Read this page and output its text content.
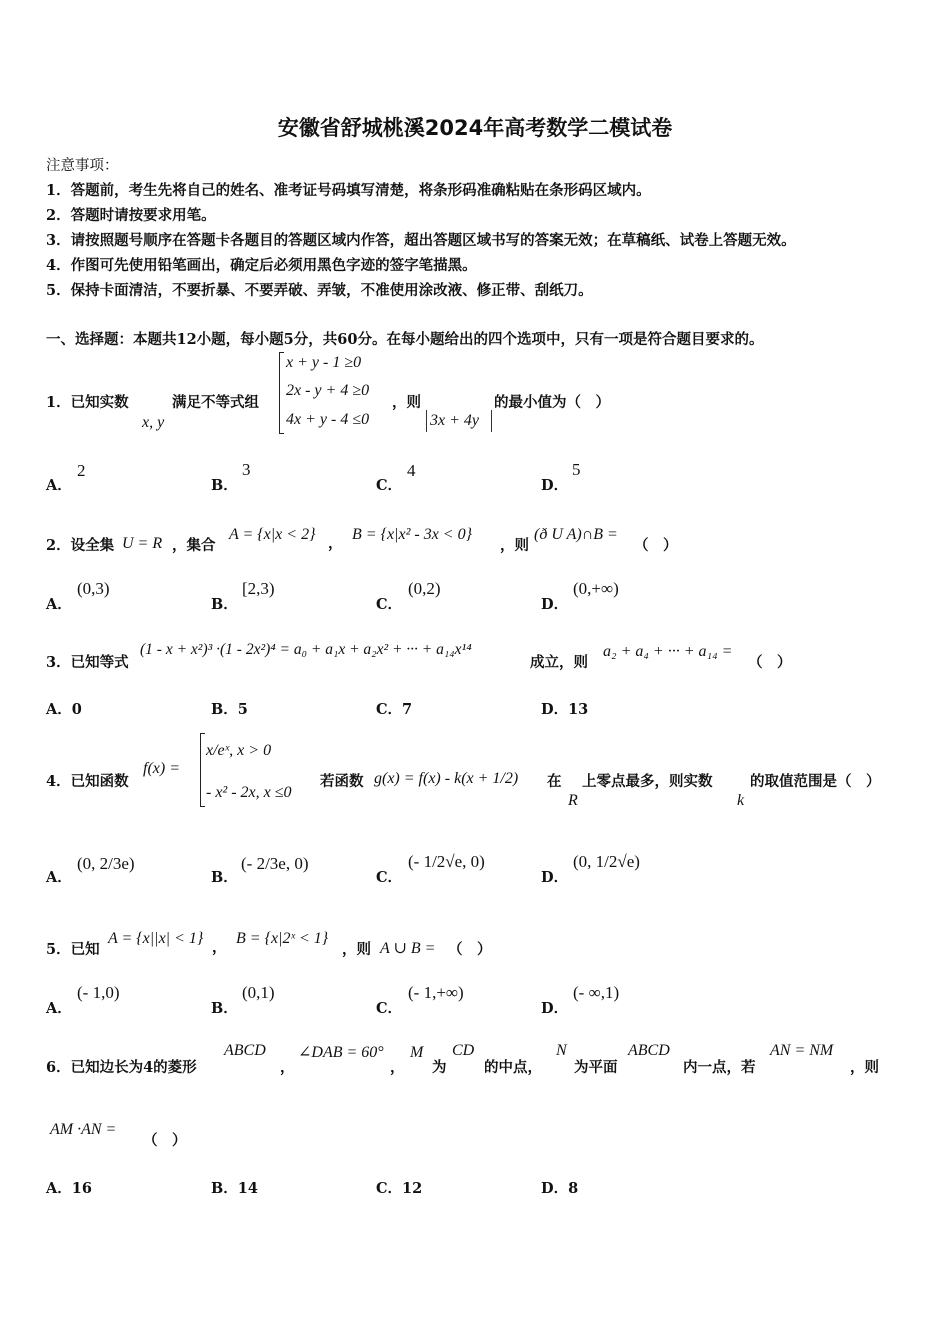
安徽省舒城桃溪2024年高考数学二模试卷
注意事项：
1．答题前，考生先将自己的姓名、准考证号码填写清楚，将条形码准确粘贴在条形码区域内。
2．答题时请按要求用笔。
3．请按照题号顺序在答题卡各题目的答题区域内作答，超出答题区域书写的答案无效；在草稿纸、试卷上答题无效。
4．作图可先使用铅笔画出，确定后必须用黑色字迹的签字笔描黑。
5．保持卡面清洁，不要折暴、不要弄破、弄皱，不准使用涂改液、修正带、刮纸刀。
一、选择题：本题共12小题，每小题5分，共60分。在每小题给出的四个选项中，只有一项是符合题目要求的。
1．已知实数
x, y
满足不等式组
x + y - 1 ≥0
2x - y + 4 ≥0
4x + y - 4 ≤0
，则
3x + 4y
的最小值为（　）
A．
2
B．
3
C．
4
D．
5
2．设全集 U = R ，集合
A = {x|x < 2}
，
B = {x|x² - 3x < 0}
，则
(ð U A)∩B =
（　）
A．
(0,3)
B．
[2,3)
C．
(0,2)
D．
(0,+∞)
3．已知等式
(1 - x + x²)³ ·(1 - 2x²)⁴ = a₀ + a₁x + a₂x² + ··· + a₁₄x¹⁴
成立，则
a₂ + a₄ + ··· + a₁₄ =
（　）
A．0	B．5	C．7	D．13
4．已知函数
f(x) =
x/eˣ, x > 0
- x² - 2x, x ≤0
若函数 g(x) = f(x) - k(x + 1/2) 在
R
上零点最多，则实数
k
的取值范围是（　）
A．
(0, 2/3e)
B．
(- 2/3e, 0)
C．
(- 1/2√e, 0)
D．
(0, 1/2√e)
5．已知
A = {x||x| < 1}
，
B = {x|2ˣ < 1}
，则 A ∪ B = （　）
A．
(- 1,0)
B．
(0,1)
C．
(- 1,+∞)
D．
(- ∞,1)
6．已知边长为4的菱形
ABCD
，
∠DAB = 60°
，
M
为
CD
的中点，
N
为平面
ABCD
内一点，若
AN = NM
，则
AM ·AN =
（　）
A．16	B．14	C．12	D．8
